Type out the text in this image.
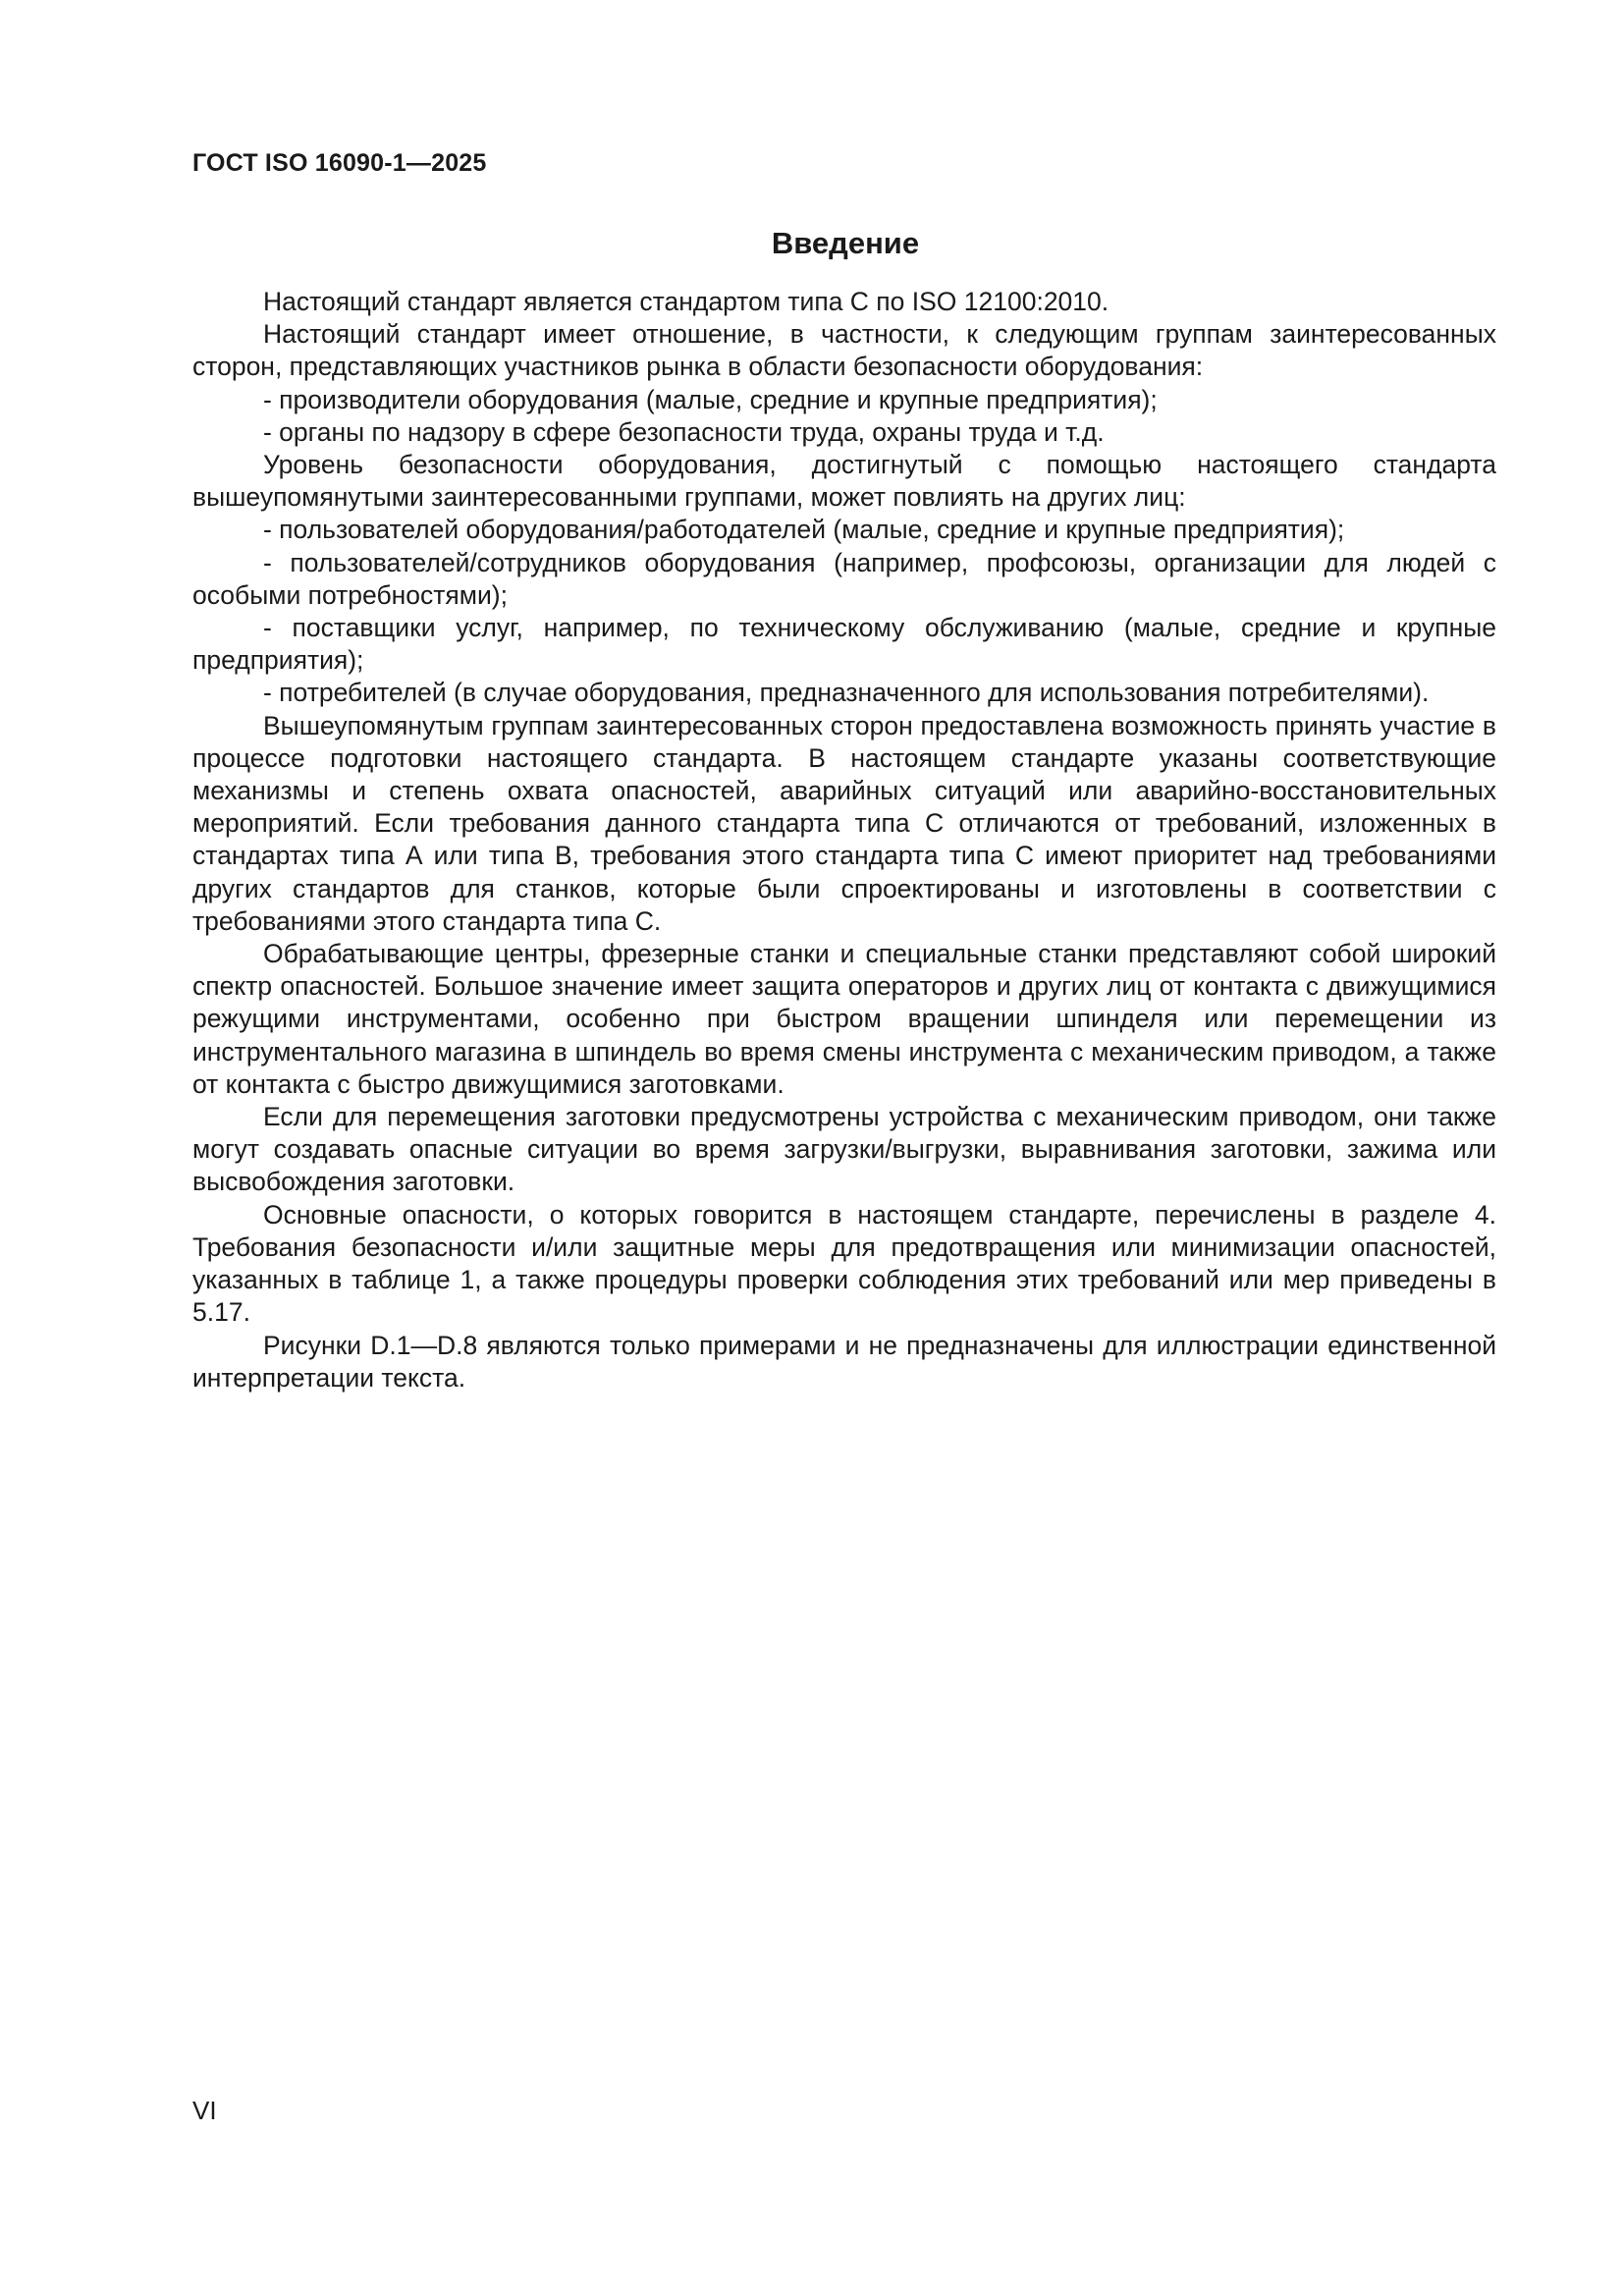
ГОСТ ISO 16090-1—2025
Введение

Настоящий стандарт является стандартом типа С по ISO 12100:2010.

Настоящий стандарт имеет отношение, в частности, к следующим группам заинтересованных сторон, представляющих участников рынка в области безопасности оборудования:

- производители оборудования (малые, средние и крупные предприятия);

- органы по надзору в сфере безопасности труда, охраны труда и т.д.

Уровень безопасности оборудования, достигнутый с помощью настоящего стандарта вышеупомянутыми заинтересованными группами, может повлиять на других лиц:

- пользователей оборудования/работодателей (малые, средние и крупные предприятия);

- пользователей/сотрудников оборудования (например, профсоюзы, организации для людей с особыми потребностями);

- поставщики услуг, например, по техническому обслуживанию (малые, средние и крупные предприятия);

- потребителей (в случае оборудования, предназначенного для использования потребителями).

Вышеупомянутым группам заинтересованных сторон предоставлена возможность принять участие в процессе подготовки настоящего стандарта. В настоящем стандарте указаны соответствующие механизмы и степень охвата опасностей, аварийных ситуаций или аварийно-восстановительных мероприятий. Если требования данного стандарта типа С отличаются от требований, изложенных в стандартах типа А или типа В, требования этого стандарта типа С имеют приоритет над требованиями других стандартов для станков, которые были спроектированы и изготовлены в соответствии с требованиями этого стандарта типа С.

Обрабатывающие центры, фрезерные станки и специальные станки представляют собой широкий спектр опасностей. Большое значение имеет защита операторов и других лиц от контакта с движущимися режущими инструментами, особенно при быстром вращении шпинделя или перемещении из инструментального магазина в шпиндель во время смены инструмента с механическим приводом, а также от контакта с быстро движущимися заготовками.

Если для перемещения заготовки предусмотрены устройства с механическим приводом, они также могут создавать опасные ситуации во время загрузки/выгрузки, выравнивания заготовки, зажима или высвобождения заготовки.

Основные опасности, о которых говорится в настоящем стандарте, перечислены в разделе 4. Требования безопасности и/или защитные меры для предотвращения или минимизации опасностей, указанных в таблице 1, а также процедуры проверки соблюдения этих требований или мер приведены в 5.17.

Рисунки D.1—D.8 являются только примерами и не предназначены для иллюстрации единственной интерпретации текста.

VI
